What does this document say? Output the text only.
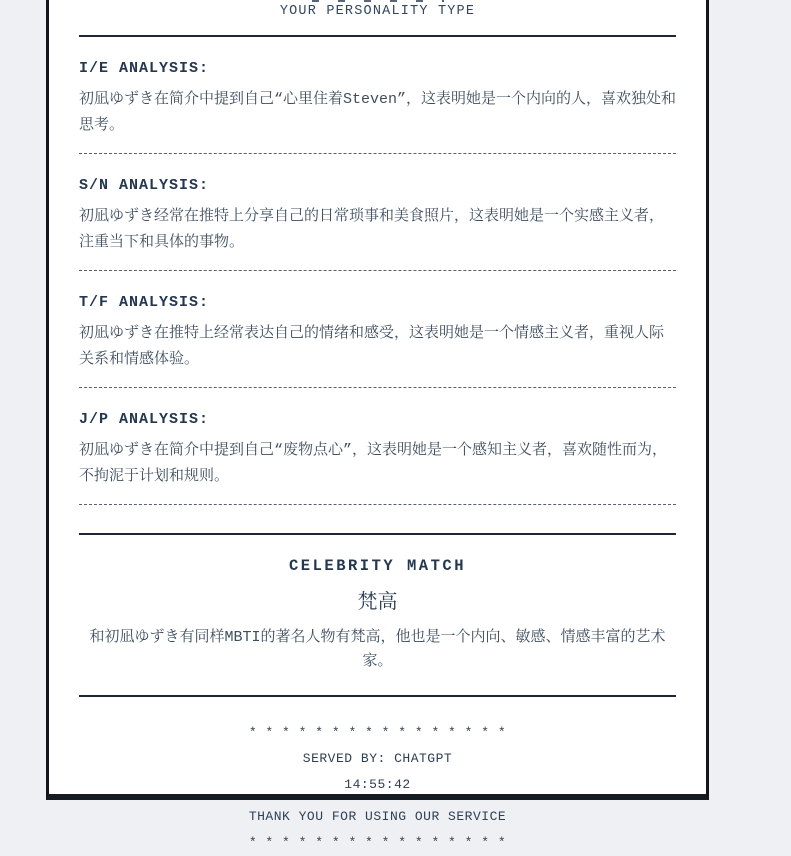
YOUR PERSONALITY TYPE
I/E ANALYSIS:

初凪ゆずき在简介中提到自己“心里住着Steven”，这表明她是一个内向的人，喜欢独处和思考。

S/N ANALYSIS:

初凪ゆずき经常在推特上分享自己的日常琐事和美食照片，这表明她是一个实感主义者，注重当下和具体的事物。

T/F ANALYSIS:

初凪ゆずき在推特上经常表达自己的情绪和感受，这表明她是一个情感主义者，重视人际关系和情感体验。

J/P ANALYSIS:

初凪ゆずき在简介中提到自己“废物点心”，这表明她是一个感知主义者，喜欢随性而为，不拘泥于计划和规则。

CELEBRITY MATCH

梵高

和初凪ゆずき有同样MBTI的著名人物有梵高，他也是一个内向、敏感、情感丰富的艺术家。

* * * * * * * * * * * * * * * *

SERVED BY: CHATGPT

14:55:42

THANK YOU FOR USING OUR SERVICE

* * * * * * * * * * * * * * * *
